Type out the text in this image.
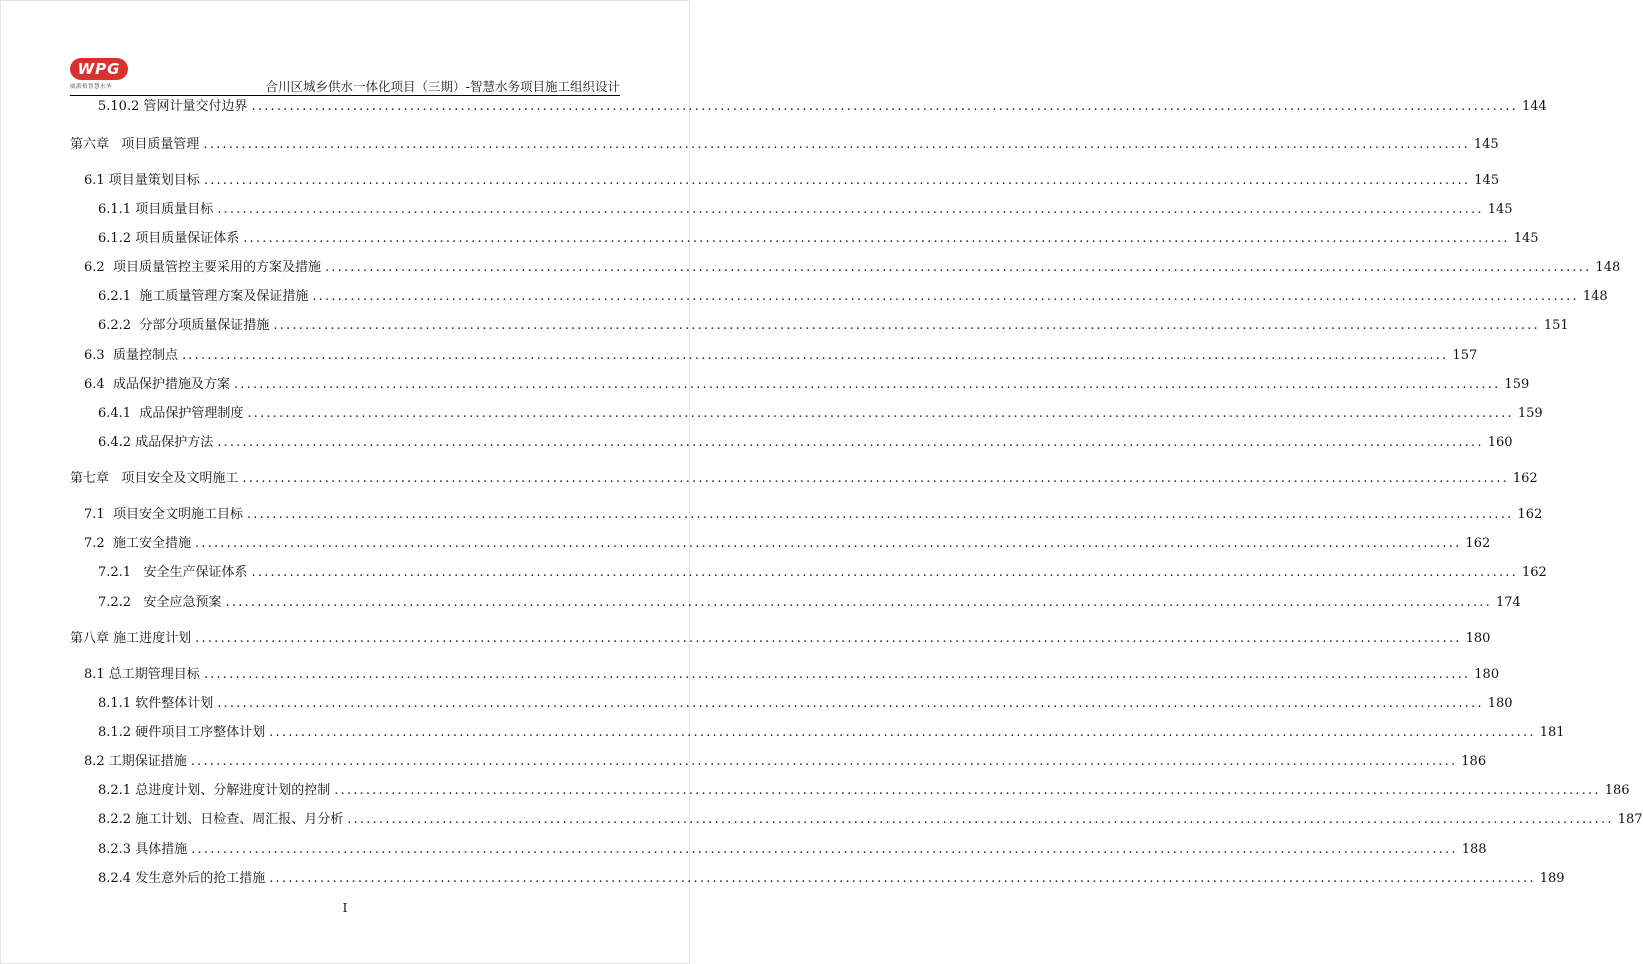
WPG
威派格智慧水务	合川区城乡供水一体化项目（三期）-智慧水务项目施工组织设计
5.10.2 管网计量交付边界 ........................................................................................................................................................................................................ 144
第六章   项目质量管理 ........................................................................................................................................................................................................ 145
6.1 项目量策划目标 ........................................................................................................................................................................................................ 145
6.1.1 项目质量目标 ........................................................................................................................................................................................................ 145
6.1.2 项目质量保证体系 ........................................................................................................................................................................................................ 145
6.2  项目质量管控主要采用的方案及措施 ........................................................................................................................................................................................................ 148
6.2.1  施工质量管理方案及保证措施 ........................................................................................................................................................................................................ 148
6.2.2  分部分项质量保证措施 ........................................................................................................................................................................................................ 151
6.3  质量控制点 ........................................................................................................................................................................................................ 157
6.4  成品保护措施及方案 ........................................................................................................................................................................................................ 159
6.4.1  成品保护管理制度 ........................................................................................................................................................................................................ 159
6.4.2 成品保护方法 ........................................................................................................................................................................................................ 160
第七章   项目安全及文明施工 ........................................................................................................................................................................................................ 162
7.1  项目安全文明施工目标 ........................................................................................................................................................................................................ 162
7.2  施工安全措施 ........................................................................................................................................................................................................ 162
7.2.1   安全生产保证体系 ........................................................................................................................................................................................................ 162
7.2.2   安全应急预案 ........................................................................................................................................................................................................ 174
第八章 施工进度计划 ........................................................................................................................................................................................................ 180
8.1 总工期管理目标 ........................................................................................................................................................................................................ 180
8.1.1 软件整体计划 ........................................................................................................................................................................................................ 180
8.1.2 硬件项目工序整体计划 ........................................................................................................................................................................................................ 181
8.2 工期保证措施 ........................................................................................................................................................................................................ 186
8.2.1 总进度计划、分解进度计划的控制 ........................................................................................................................................................................................................ 186
8.2.2 施工计划、日检查、周汇报、月分析 ........................................................................................................................................................................................................ 187
8.2.3 具体措施 ........................................................................................................................................................................................................ 188
8.2.4 发生意外后的抢工措施 ........................................................................................................................................................................................................ 189
I
